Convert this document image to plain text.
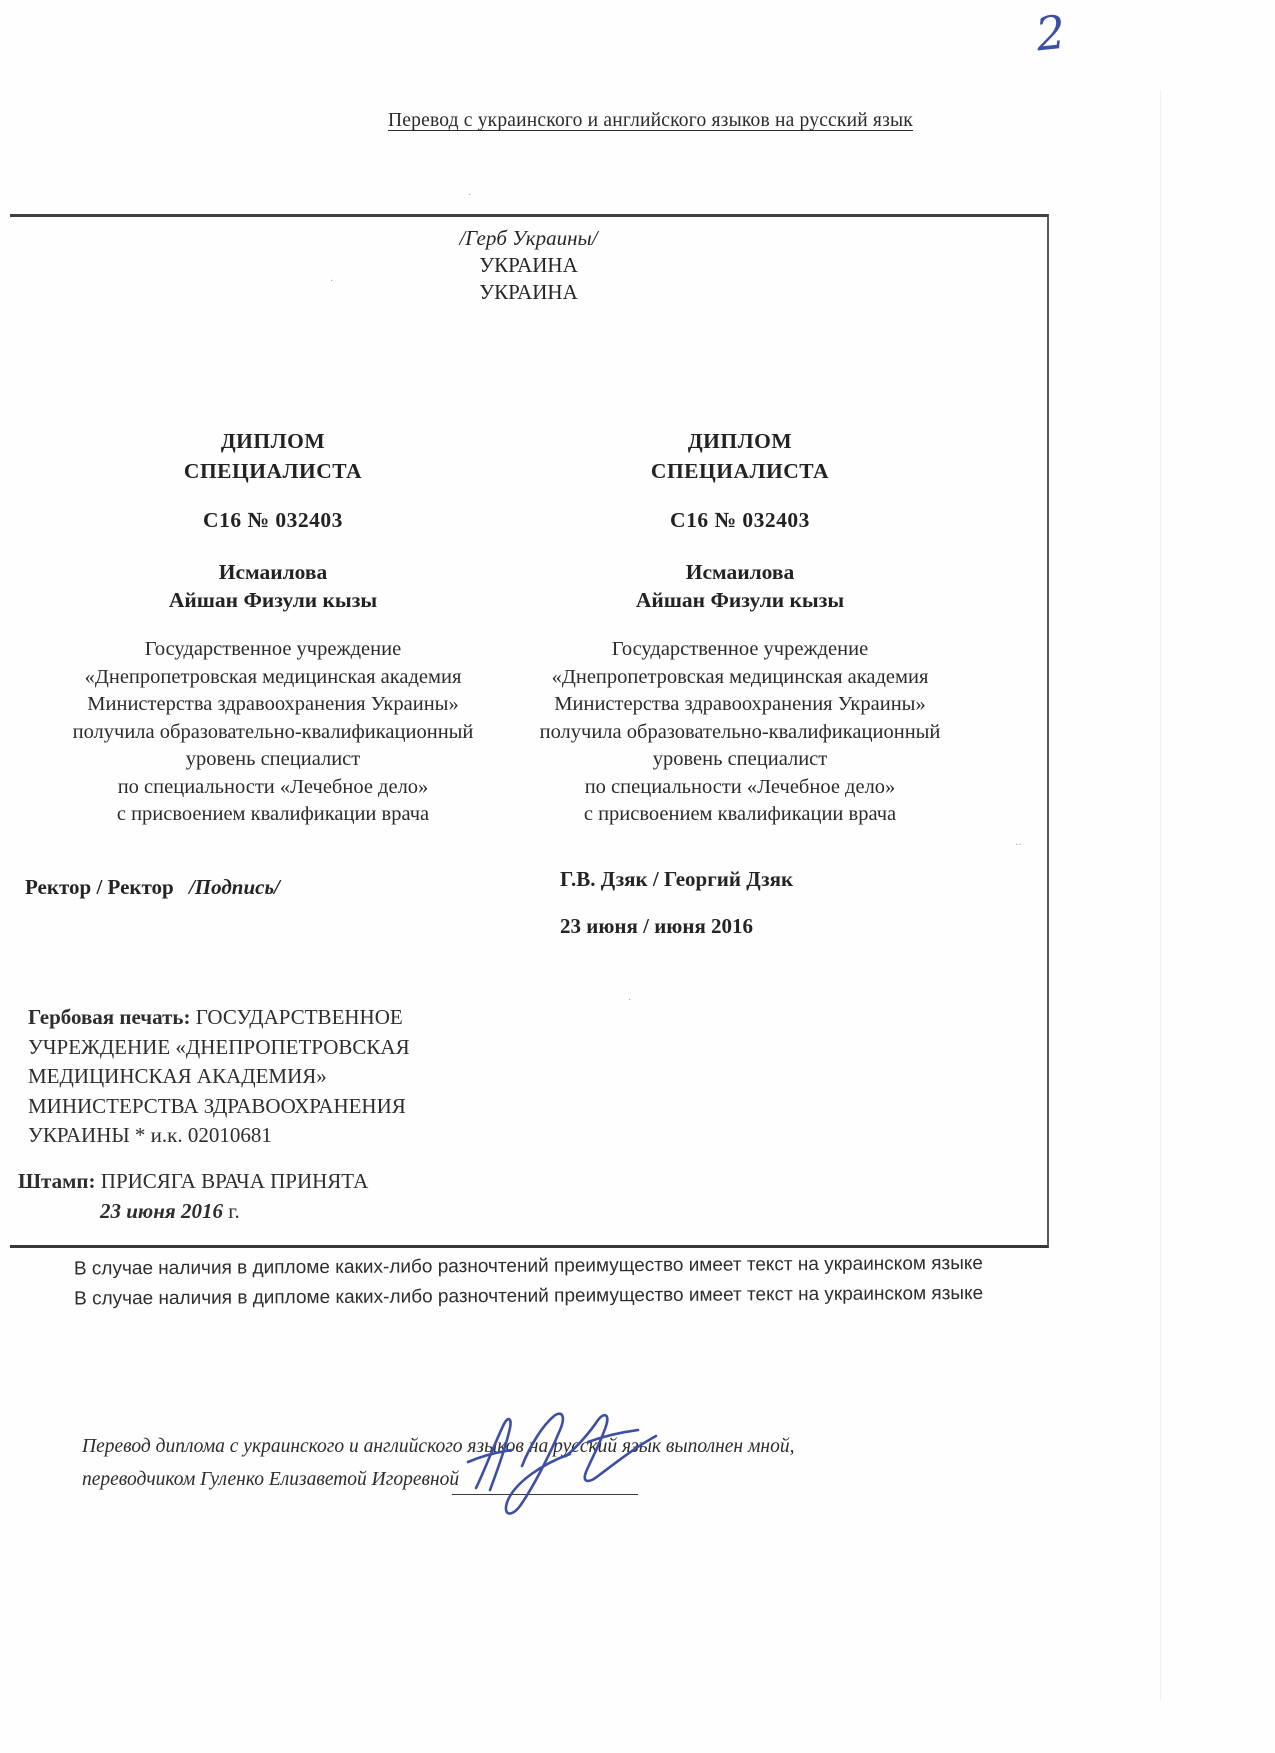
2
Перевод с украинского и английского языков на русский язык
/Герб Украины/
УКРАИНА
УКРАИНА
ДИПЛОМ
СПЕЦИАЛИСТА
С16 № 032403
Исмаилова
Айшан Физули кызы
Государственное учреждение
«Днепропетровская медицинская академия
Министерства здравоохранения Украины»
получила образовательно-квалификационный
уровень специалист
по специальности «Лечебное дело»
с присвоением квалификации врача
ДИПЛОМ
СПЕЦИАЛИСТА
С16 № 032403
Исмаилова
Айшан Физули кызы
Государственное учреждение
«Днепропетровская медицинская академия
Министерства здравоохранения Украины»
получила образовательно-квалификационный
уровень специалист
по специальности «Лечебное дело»
с присвоением квалификации врача
Ректор / Ректор /Подпись/	Г.В. Дзяк / Георгий Дзяк
23 июня / июня 2016
Гербовая печать: ГОСУДАРСТВЕННОЕ УЧРЕЖДЕНИЕ «ДНЕПРОПЕТРОВСКАЯ МЕДИЦИНСКАЯ АКАДЕМИЯ» МИНИСТЕРСТВА ЗДРАВООХРАНЕНИЯ УКРАИНЫ * и.к. 02010681
Штамп: ПРИСЯГА ВРАЧА ПРИНЯТА
23 июня 2016 г.
В случае наличия в дипломе каких-либо разночтений преимущество имеет текст на украинском языке
В случае наличия в дипломе каких-либо разночтений преимущество имеет текст на украинском языке
Перевод диплома с украинского и английского языков на русский язык выполнен мной,
переводчиком Гуленко Елизаветой Игоревной
·
·
··
·
